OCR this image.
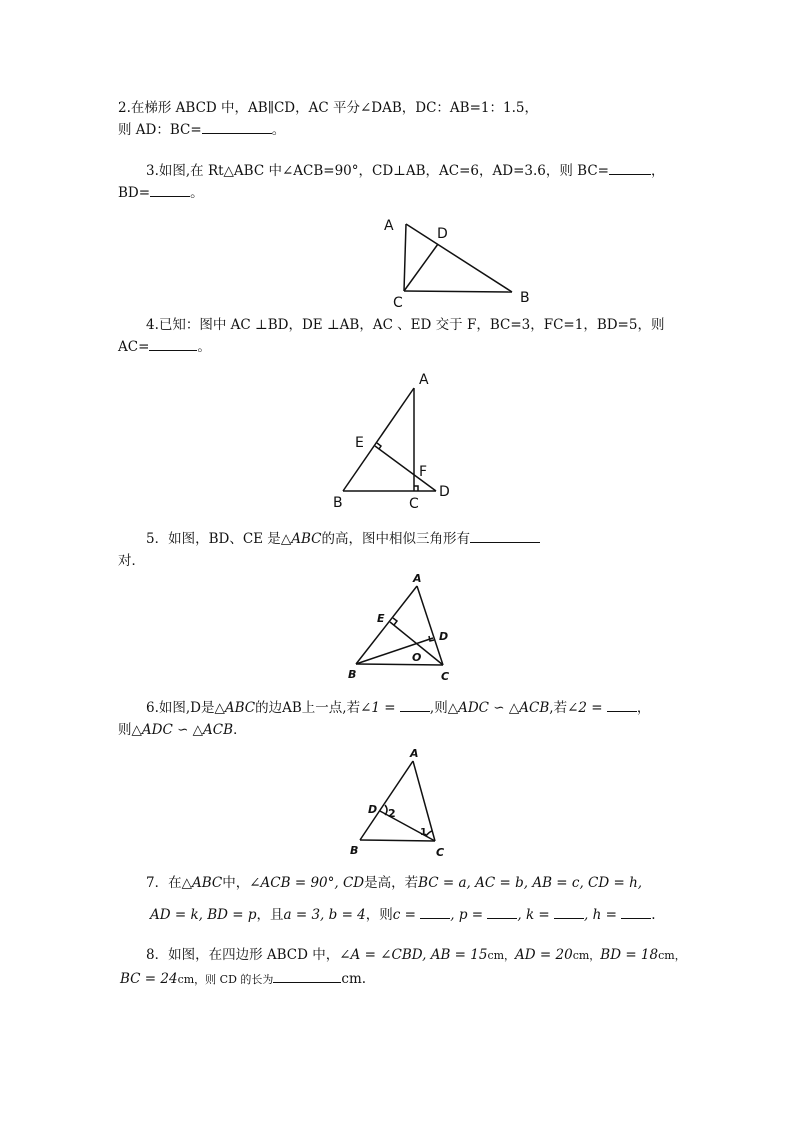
2.在梯形 ABCD 中，AB∥CD，AC 平分∠DAB，DC：AB=1：1.5，
则 AD：BC=	。
3.如图,在 Rt△ABC 中∠ACB=90°，CD⊥AB，AC=6，AD=3.6，则 BC=	，
BD=	。
A	D
C	B
4.已知：图中 AC ⊥BD，DE ⊥AB，AC 、ED 交于 F，BC=3，FC=1，BD=5，则
AC=	。
A
E
F
B	C
D
5．如图，BD、CE 是△ABC的高，图中相似三角形有
对．
A
E
D
O
B	C
6.如图,D是△ABC的边AB上一点,若∠1 =	,则△ADC ∽ △ACB,若∠2 =	，
则△ADC ∽ △ACB．
A
D 2
1
B	C
7．在△ABC中，∠ACB = 90°, CD是高，若BC = a, AC = b, AB = c, CD = h,
AD = k, BD = p，且a = 3, b = 4，则c =	, p =	, k =	, h =	.
8．如图，在四边形 ABCD 中，∠A = ∠CBD, AB = 15cm，AD = 20cm，BD = 18cm，
BC = 24cm，则 CD 的长为	cm.
